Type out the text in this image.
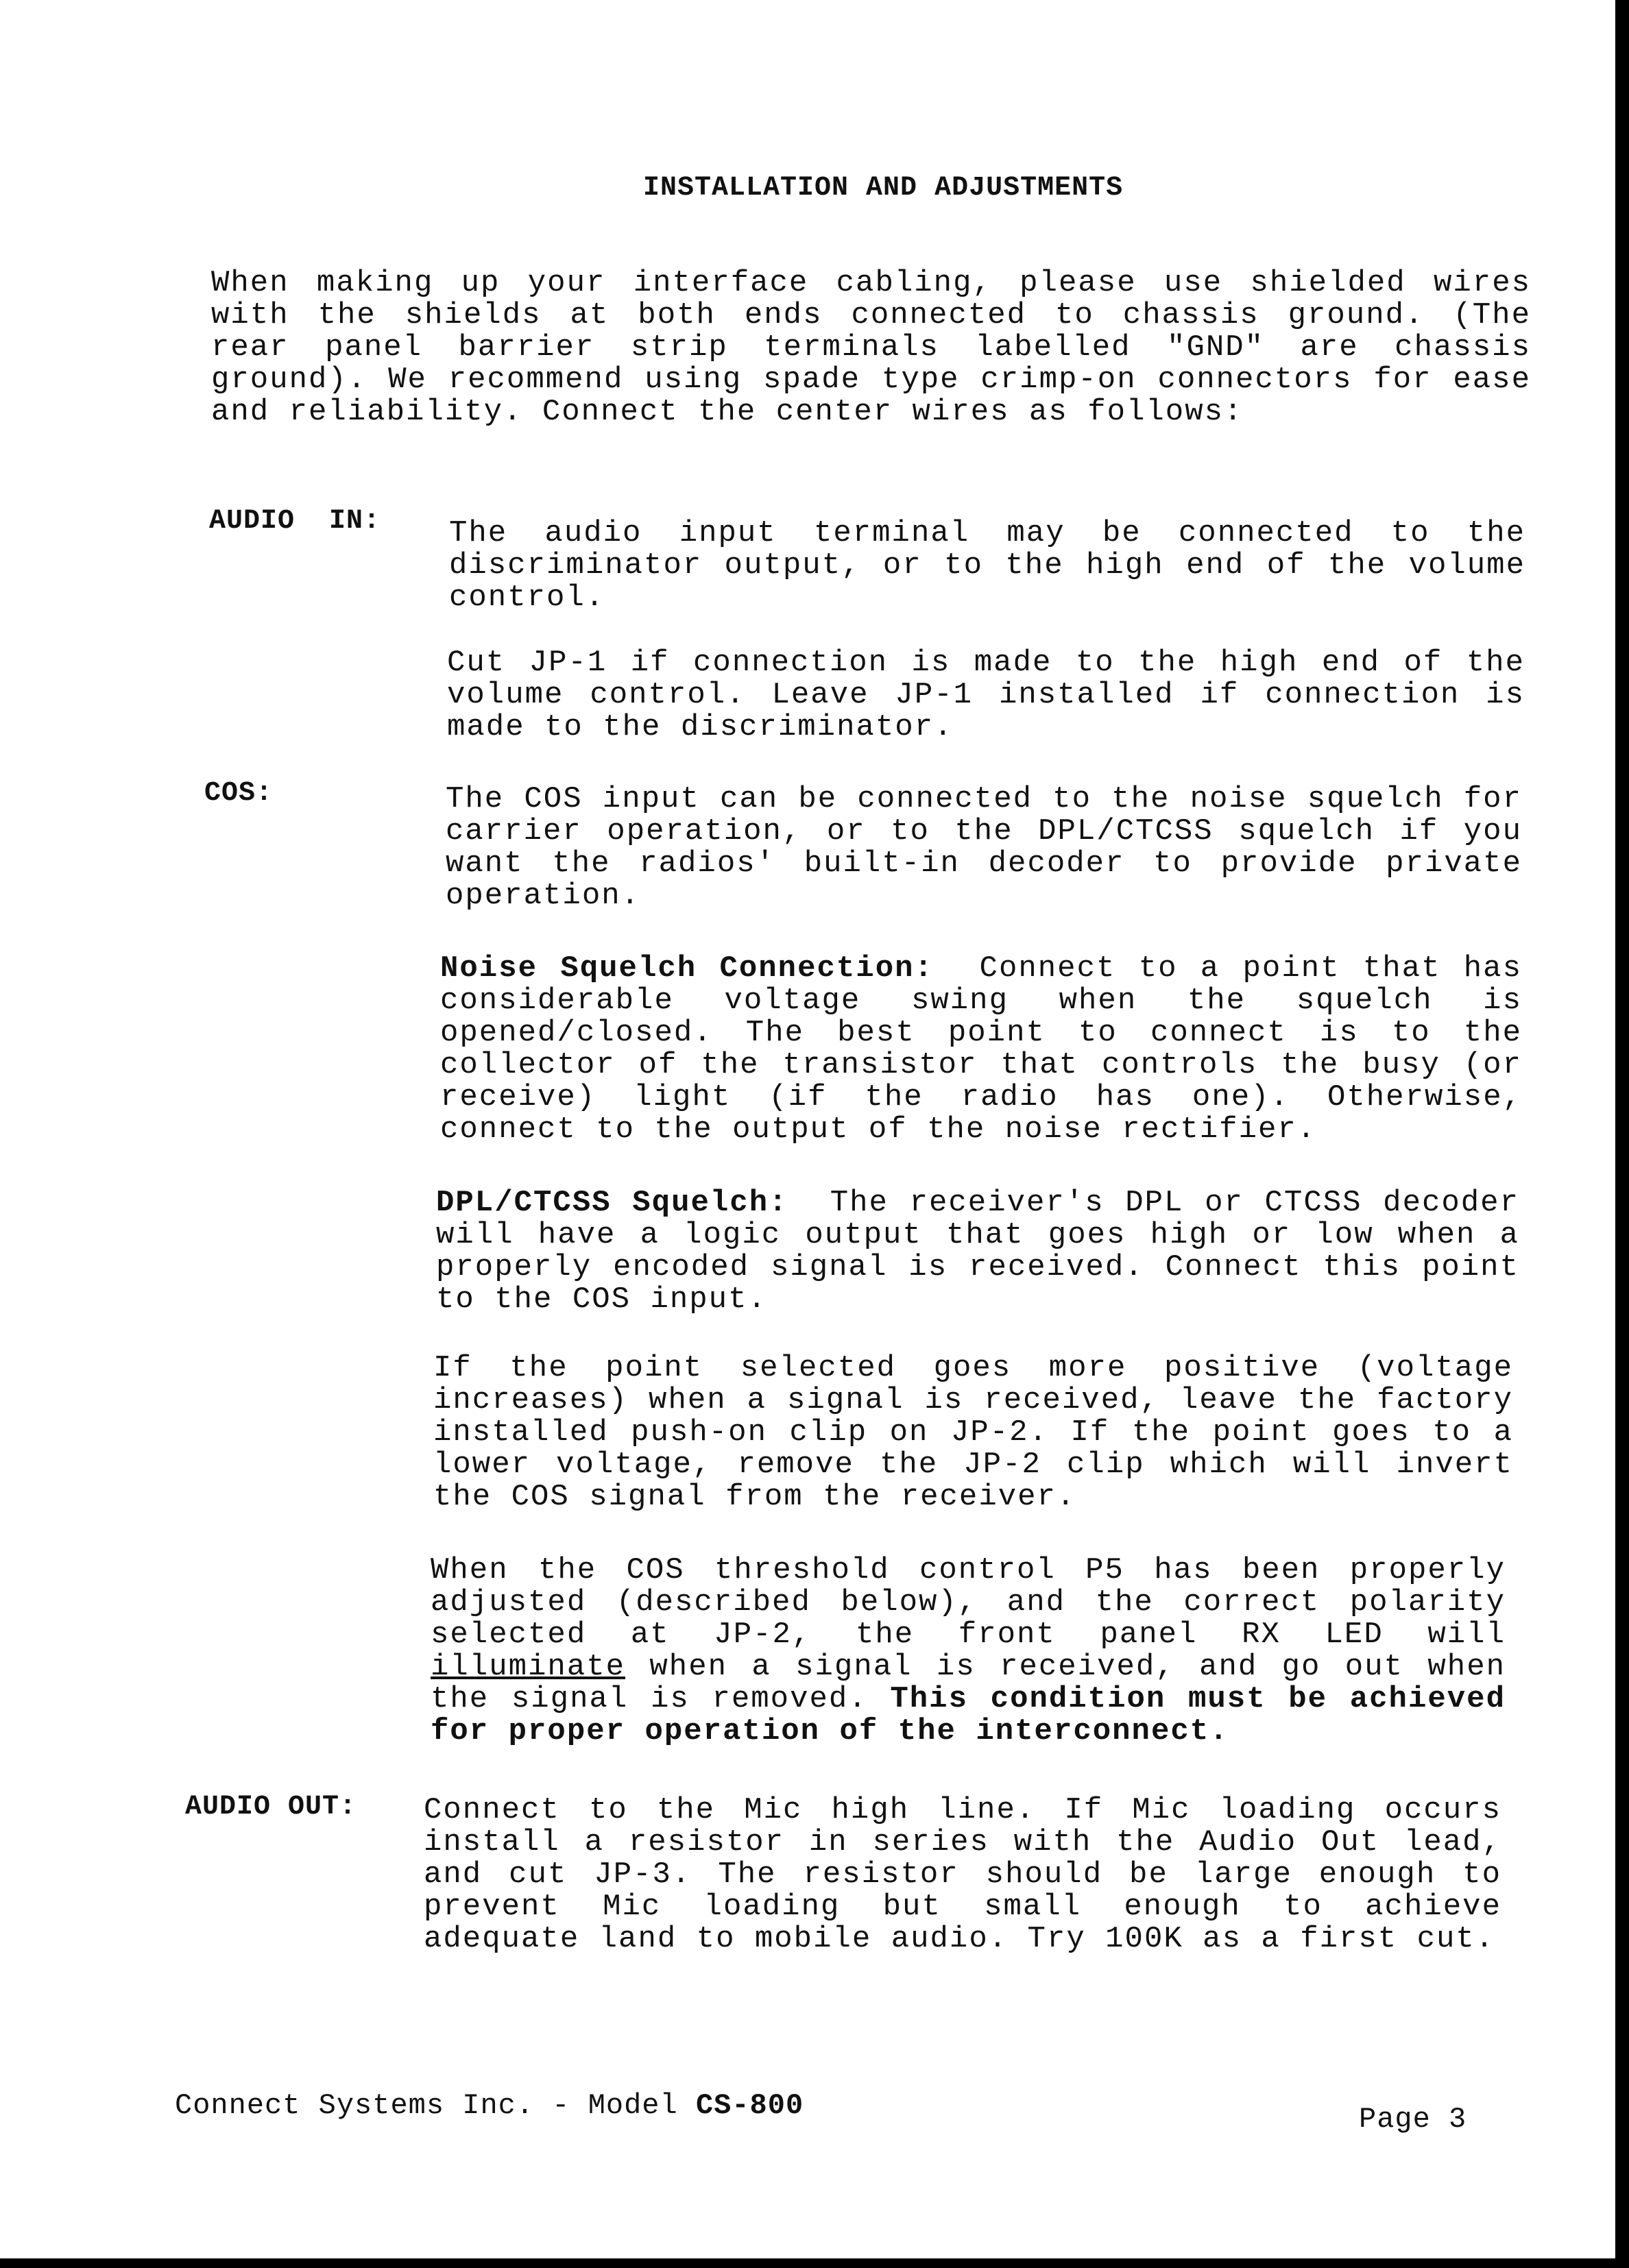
INSTALLATION AND ADJUSTMENTS

When making up your interface cabling, please use shielded wires with the shields at both ends connected to chassis ground. (The rear panel barrier strip terminals labelled "GND" are chassis ground). We recommend using spade type crimp-on connectors for ease and reliability. Connect the center wires as follows:

AUDIO  IN: The audio input terminal may be connected to the discriminator output, or to the high end of the volume control.

Cut JP-1 if connection is made to the high end of the volume control. Leave JP-1 installed if connection is made to the discriminator.

COS:	The COS input can be connected to the noise squelch for carrier operation, or to the DPL/CTCSS squelch if you want the radios' built-in decoder to provide private operation.

Noise Squelch Connection: Connect to a point that has considerable voltage swing when the squelch is opened/closed. The best point to connect is to the collector of the transistor that controls the busy (or receive) light (if the radio has one). Otherwise, connect to the output of the noise rectifier.

DPL/CTCSS Squelch: The receiver's DPL or CTCSS decoder will have a logic output that goes high or low when a properly encoded signal is received. Connect this point to the COS input.

If the point selected goes more positive (voltage increases) when a signal is received, leave the factory installed push-on clip on JP-2. If the point goes to a lower voltage, remove the JP-2 clip which will invert the COS signal from the receiver.

When the COS threshold control P5 has been properly adjusted (described below), and the correct polarity selected at JP-2, the front panel RX LED will illuminate when a signal is received, and go out when the signal is removed. This condition must be achieved for proper operation of the interconnect.

AUDIO OUT: Connect to the Mic high line. If Mic loading occurs install a resistor in series with the Audio Out lead, and cut JP-3. The resistor should be large enough to prevent Mic loading but small enough to achieve adequate land to mobile audio. Try 100K as a first cut.

Connect Systems Inc. - Model CS-800	Page 3
